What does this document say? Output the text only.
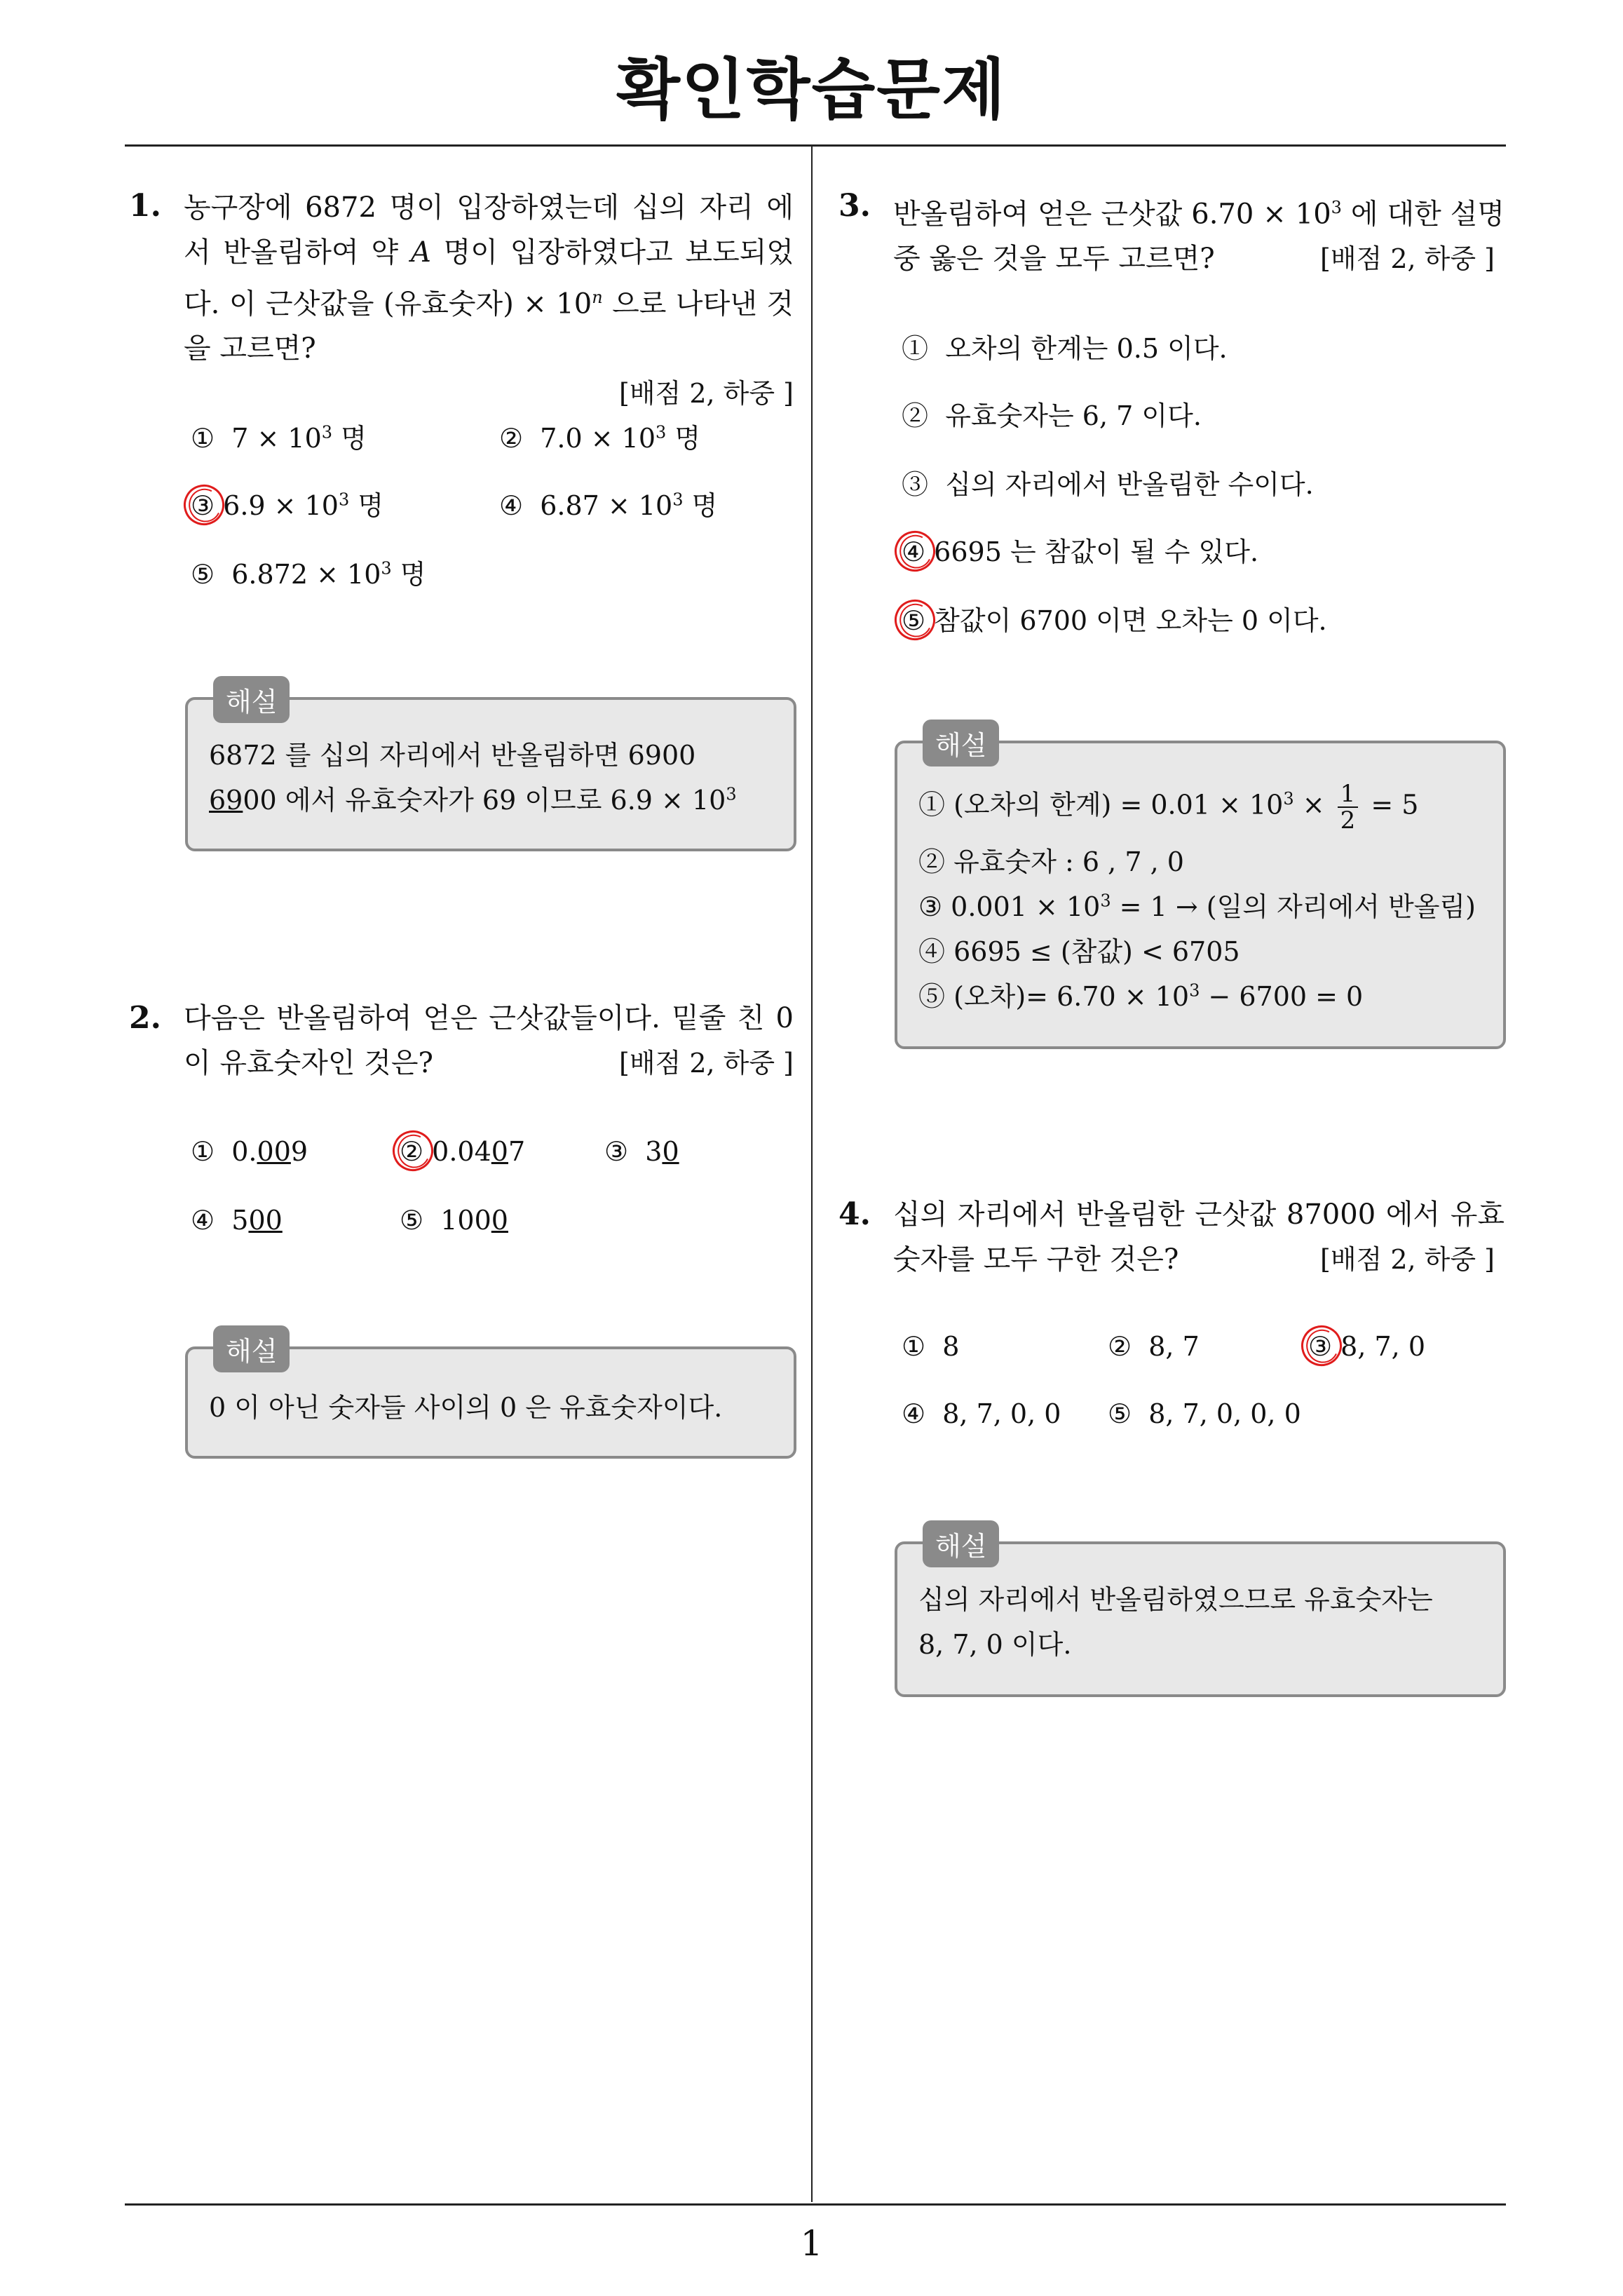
확인학습문제
1
1. 농구장에 6872 명이 입장하였는데 십의 자리 에서 반올림하여 약 A 명이 입장하였다고 보도되었다. 이 근삿값을 (유효숫자) × $10^n$ 으로 나타낸 것을 고르면?
[배점 2, 하중 ]
① $7 \times 10^3$ 명	② $7.0 \times 10^3$ 명
③ $6.9 \times 10^3$ 명	④ $6.87 \times 10^3$ 명
⑤ $6.872 \times 10^3$ 명
해설
6872 를 십의 자리에서 반올림하면 6900
6900 에서 유효숫자가 69 이므로 $6.9 \times 10^3$
2. 다음은 반올림하여 얻은 근삿값들이다. 밑줄 친 0 이 유효숫자인 것은?	[배점 2, 하중 ]
① 0.009	② 0.0407	③ 30
④ 500	⑤ 1000
해설
0 이 아닌 숫자들 사이의 0 은 유효숫자이다.
3. 반올림하여 얻은 근삿값 $6.70 \times 10^3$ 에 대한 설명 중 옳은 것을 모두 고르면?	[배점 2, 하중 ]
① 오차의 한계는 0.5 이다.
② 유효숫자는 6, 7 이다.
③ 십의 자리에서 반올림한 수이다.
④ 6695 는 참값이 될 수 있다.
⑤ 참값이 6700 이면 오차는 0 이다.
해설
① (오차의 한계) = $0.01 \times 10^3 \times \frac{1}{2} = 5$
② 유효숫자 : 6 , 7 , 0
③ $0.001 \times 10^3 = 1$ → (일의 자리에서 반올림)
④ 6695 ≤ (참값) < 6705
⑤ (오차)= $6.70 \times 10^3 - 6700 = 0$
4. 십의 자리에서 반올림한 근삿값 87000 에서 유효숫자를 모두 구한 것은?	[배점 2, 하중 ]
① 8	② 8, 7	③ 8, 7, 0
④ 8, 7, 0, 0 ⑤ 8, 7, 0, 0, 0
해설
십의 자리에서 반올림하였으므로 유효숫자는
8, 7, 0 이다.
